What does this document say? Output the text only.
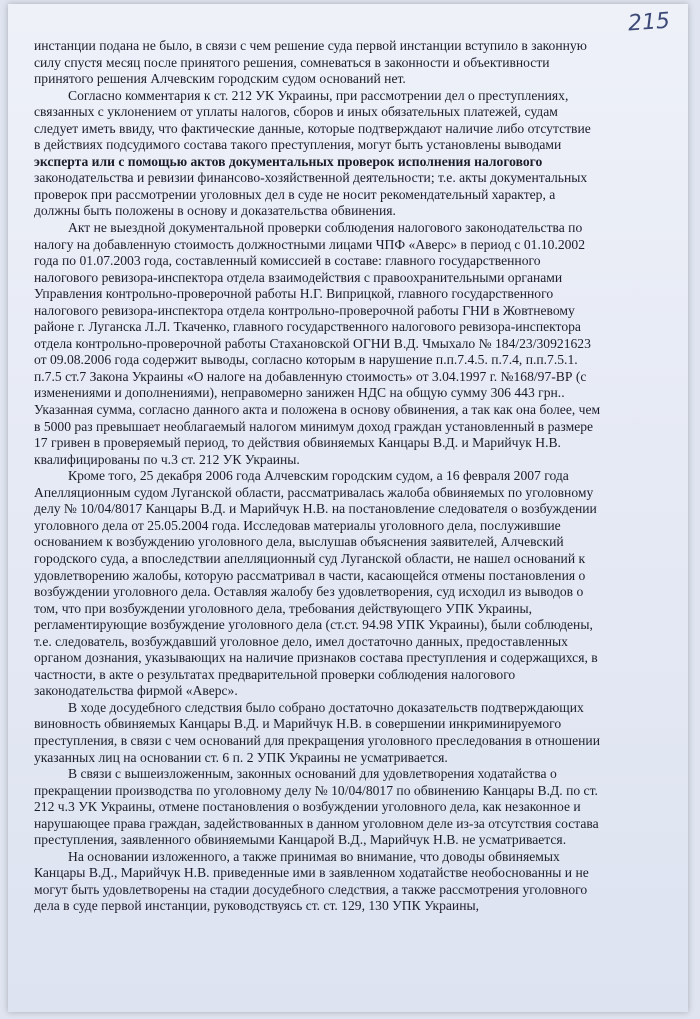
215

инстанции подана не было, в связи с чем решение суда первой инстанции вступило в законную
силу спустя месяц после принятого решения, сомневаться в законности и объективности
принятого решения Алчевским городским судом оснований нет.

Согласно комментария к ст. 212 УК Украины, при рассмотрении дел о преступлениях,
связанных с уклонением от уплаты налогов, сборов и иных обязательных платежей, судам
следует иметь ввиду, что фактические данные, которые подтверждают наличие либо отсутствие
в действиях подсудимого состава такого преступления, могут быть установлены выводами
эксперта или с помощью актов документальных проверок исполнения налогового
законодательства и ревизии финансово-хозяйственной деятельности; т.е. акты документальных
проверок при рассмотрении уголовных дел в суде не носит рекомендательный характер, а
должны быть положены в основу и доказательства обвинения.

Акт не выездной документальной проверки соблюдения налогового законодательства по
налогу на добавленную стоимость должностными лицами ЧПФ «Аверс» в период с 01.10.2002
года по 01.07.2003 года, составленный комиссией в составе: главного государственного
налогового ревизора-инспектора отдела взаимодействия с правоохранительными органами
Управления контрольно-проверочной работы Н.Г. Виприцкой, главного государственного
налогового ревизора-инспектора отдела контрольно-проверочной работы ГНИ в Жовтневому
районе г. Луганска Л.Л. Ткаченко, главного государственного налогового ревизора-инспектора
отдела контрольно-проверочной работы Стахановской ОГНИ В.Д. Чмыхало № 184/23/30921623
от 09.08.2006 года содержит выводы, согласно которым в нарушение п.п.7.4.5. п.7.4, п.п.7.5.1.
п.7.5 ст.7 Закона Украины «О налоге на добавленную стоимость» от 3.04.1997 г. №168/97-ВР (с
изменениями и дополнениями), неправомерно занижен НДС на общую сумму 306 443 грн..
Указанная сумма, согласно данного акта и положена в основу обвинения, а так как она более, чем
в 5000 раз превышает необлагаемый налогом минимум доход граждан установленный в размере
17 гривен в проверяемый период, то действия обвиняемых Канцары В.Д. и Марийчук Н.В.
квалифицированы по ч.3 ст. 212 УК Украины.

Кроме того, 25 декабря 2006 года Алчевским городским судом, а 16 февраля 2007 года
Апелляционным судом Луганской области, рассматривалась жалоба обвиняемых по уголовному
делу № 10/04/8017 Канцары В.Д. и Марийчук Н.В. на постановление следователя о возбуждении
уголовного дела от 25.05.2004 года. Исследовав материалы уголовного дела, послужившие
основанием к возбуждению уголовного дела, выслушав объяснения заявителей, Алчевский
городского суда, а впоследствии апелляционный суд Луганской области, не нашел оснований к
удовлетворению жалобы, которую рассматривал в части, касающейся отмены постановления о
возбуждении уголовного дела. Оставляя жалобу без удовлетворения, суд исходил из выводов о
том, что при возбуждении уголовного дела, требования действующего УПК Украины,
регламентирующие возбуждение уголовного дела (ст.ст. 94.98 УПК Украины), были соблюдены,
т.е. следователь, возбуждавший уголовное дело, имел достаточно данных, предоставленных
органом дознания, указывающих на наличие признаков состава преступления и содержащихся, в
частности, в акте о результатах предварительной проверки соблюдения налогового
законодательства фирмой «Аверс».

В ходе досудебного следствия было собрано достаточно доказательств подтверждающих
виновность обвиняемых Канцары В.Д. и Марийчук Н.В. в совершении инкриминируемого
преступления, в связи с чем оснований для прекращения уголовного преследования в отношении
указанных лиц на основании ст. 6 п. 2 УПК Украины не усматривается.

В связи с вышеизложенным, законных оснований для удовлетворения ходатайства о
прекращении производства по уголовному делу № 10/04/8017 по обвинению Канцары В.Д. по ст.
212 ч.3 УК Украины, отмене постановления о возбуждении уголовного дела, как незаконное и
нарушающее права граждан, задействованных в данном уголовном деле из-за отсутствия состава
преступления, заявленного обвиняемыми Канцарой В.Д., Марийчук Н.В. не усматривается.

На основании изложенного, а также принимая во внимание, что доводы обвиняемых
Канцары В.Д., Марийчук Н.В. приведенные ими в заявленном ходатайстве необоснованны и не
могут быть удовлетворены на стадии досудебного следствия, а также рассмотрения уголовного
дела в суде первой инстанции, руководствуясь ст. ст. 129, 130 УПК Украины,
